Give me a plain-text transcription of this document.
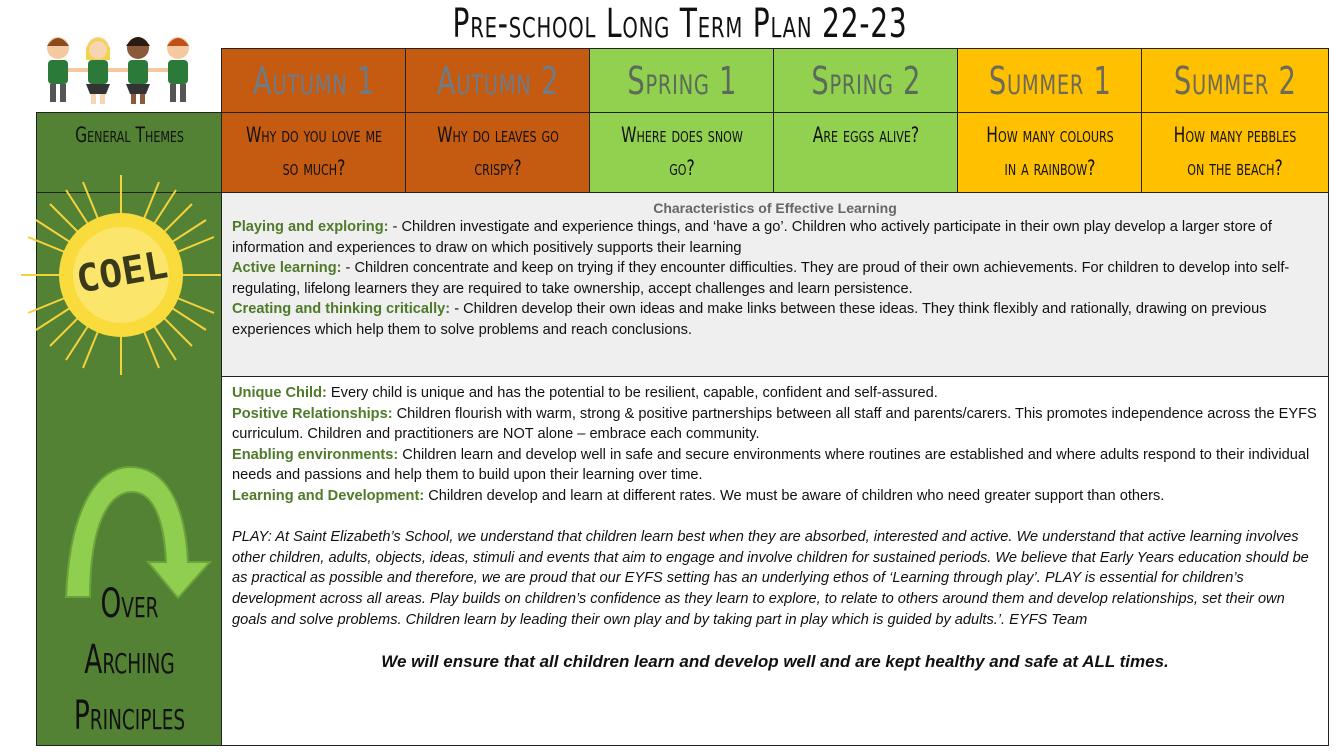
Pre-school Long Term Plan 22-23
Autumn 1 Autumn 2 Spring 1 Spring 2 Summer 1 Summer 2
General Themes	Why do you love me so much?
Why do leaves go crispy?
Where does snow go?
Are eggs alive?	How many colours in a rainbow?
How many pebbles on the beach?
Characteristics of Effective Learning
Playing and exploring: - Children investigate and experience things, and ‘have a go’. Children who actively participate in their own play develop a larger store of information and experiences to draw on which positively supports their learning
Active learning: - Children concentrate and keep on trying if they encounter difficulties. They are proud of their own achievements. For children to develop into self-regulating, lifelong learners they are required to take ownership, accept challenges and learn persistence.
Creating and thinking critically: - Children develop their own ideas and make links between these ideas. They think flexibly and rationally, drawing on previous experiences which help them to solve problems and reach conclusions.
Unique Child: Every child is unique and has the potential to be resilient, capable, confident and self-assured.
Positive Relationships: Children flourish with warm, strong & positive partnerships between all staff and parents/carers. This promotes independence across the EYFS curriculum. Children and practitioners are NOT alone – embrace each community.
Enabling environments: Children learn and develop well in safe and secure environments where routines are established and where adults respond to their individual needs and passions and help them to build upon their learning over time.
Learning and Development: Children develop and learn at different rates. We must be aware of children who need greater support than others.
PLAY: At Saint Elizabeth’s School, we understand that children learn best when they are absorbed, interested and active. We understand that active learning involves other children, adults, objects, ideas, stimuli and events that aim to engage and involve children for sustained periods. We believe that Early Years education should be as practical as possible and therefore, we are proud that our EYFS setting has an underlying ethos of ‘Learning through play’. PLAY is essential for children’s development across all areas. Play builds on children’s confidence as they learn to explore, to relate to others around them and develop relationships, set their own goals and solve problems. Children learn by leading their own play and by taking part in play which is guided by adults.’. EYFS Team
We will ensure that all children learn and develop well and are kept healthy and safe at ALL times.
COEL
Over
Arching
Principles
